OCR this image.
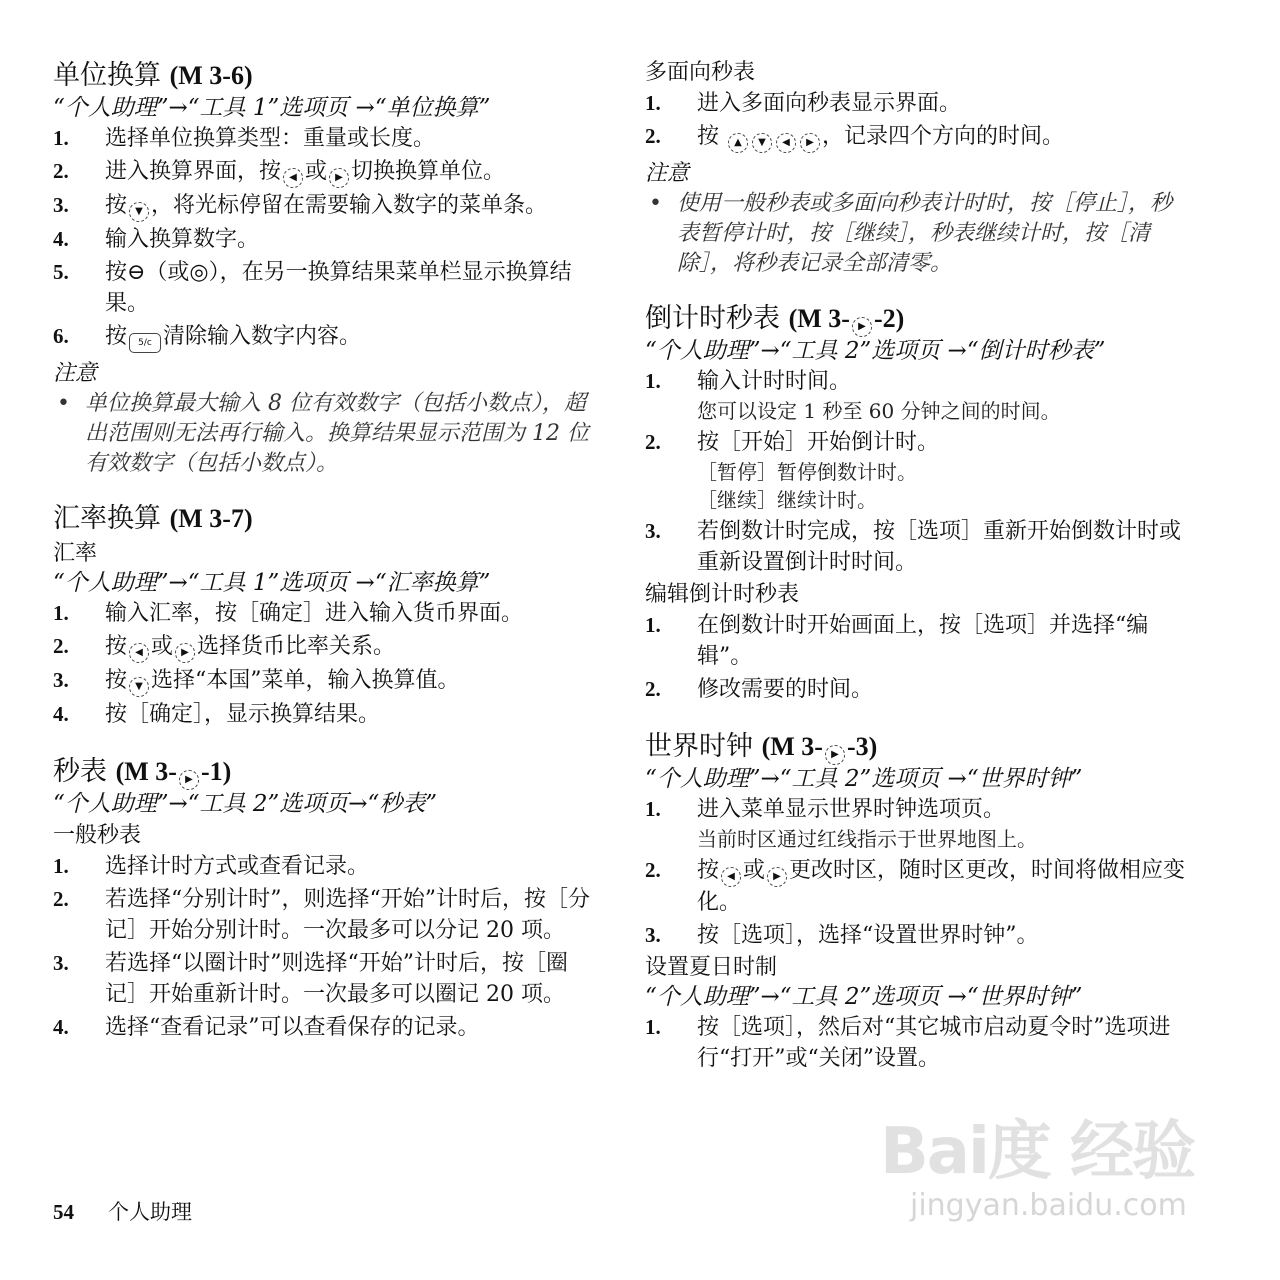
单位换算 (M 3-6)

“个人助理”→“工具 1”选项页 →“单位换算”

1. 选择单位换算类型：重量或长度。
2. 进入换算界面，按 ◀ 或 ▶ 切换换算单位。
3. 按 ▼ ，将光标停留在需要输入数字的菜单条。
4. 输入换算数字。
5. 按⊖（或◎），在另一换算结果菜单栏显示换算结果。
6. 按 5/c 清除输入数字内容。

注意

• 单位换算最大输入 8 位有效数字（包括小数点），超出范围则无法再行输入。换算结果显示范围为 12 位有效数字（包括小数点）。
汇率换算 (M 3-7)

汇率

“个人助理”→“工具 1”选项页 →“汇率换算”

1. 输入汇率，按［确定］进入输入货币界面。
2. 按 ◀ 或 ▶ 选择货币比率关系。
3. 按 ▼ 选择“本国”菜单，输入换算值。
4. 按［确定］，显示换算结果。
秒表 (M 3- ▶ -1)

“个人助理”→“工具 2”选项页→“秒表”

一般秒表

1. 选择计时方式或查看记录。
2. 若选择“分别计时”，则选择“开始”计时后，按［分记］开始分别计时。一次最多可以分记 20 项。
3. 若选择“以圈计时”则选择“开始”计时后，按［圈记］开始重新计时。一次最多可以圈记 20 项。
4. 选择“查看记录”可以查看保存的记录。

多面向秒表

1. 进入多面向秒表显示界面。
2. 按 ▲ ▼ ◀ ▶ ，记录四个方向的时间。

注意

• 使用一般秒表或多面向秒表计时时，按［停止］，秒表暂停计时，按［继续］，秒表继续计时，按［清除］，将秒表记录全部清零。
倒计时秒表 (M 3- ▶ -2)

“个人助理”→“工具 2”选项页 →“倒计时秒表”

1. 输入计时时间。
您可以设定 1 秒至 60 分钟之间的时间。
2. 按［开始］开始倒计时。
［暂停］暂停倒数计时。
［继续］继续计时。
3. 若倒数计时完成，按［选项］重新开始倒数计时或重新设置倒计时时间。

编辑倒计时秒表

1. 在倒数计时开始画面上，按［选项］并选择“编辑”。
2. 修改需要的时间。
世界时钟 (M 3- ▶ -3)

“个人助理”→“工具 2”选项页 →“世界时钟”

1. 进入菜单显示世界时钟选项页。
当前时区通过红线指示于世界地图上。
2. 按 ◀ 或 ▶ 更改时区，随时区更改，时间将做相应变化。
3. 按［选项］，选择“设置世界时钟”。

设置夏日时制

“个人助理”→“工具 2”选项页 →“世界时钟”

1. 按［选项］，然后对“其它城市启动夏令时”选项进行“打开”或“关闭”设置。
54 个人助理
Bai度 经验
jingyan.baidu.com
